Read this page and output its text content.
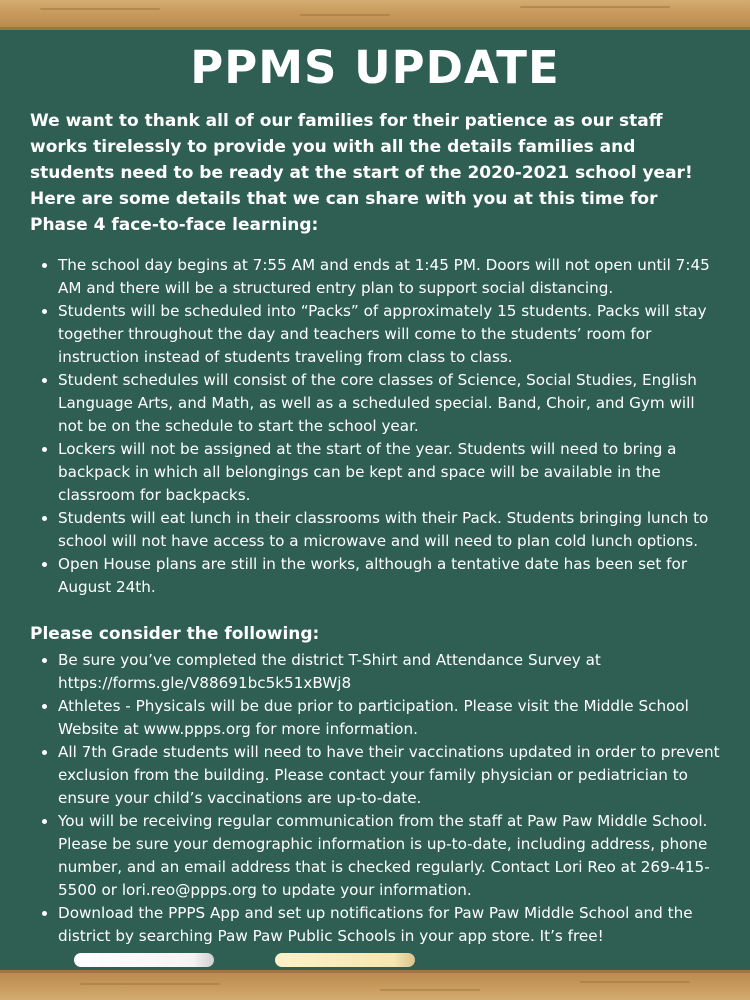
PPMS UPDATE

We want to thank all of our families for their patience as our staff works tirelessly to provide you with all the details families and students need to be ready at the start of the 2020-2021 school year! Here are some details that we can share with you at this time for Phase 4 face-to-face learning:

• The school day begins at 7:55 AM and ends at 1:45 PM. Doors will not open until 7:45 AM and there will be a structured entry plan to support social distancing.
• Students will be scheduled into “Packs” of approximately 15 students. Packs will stay together throughout the day and teachers will come to the students’ room for instruction instead of students traveling from class to class.
• Student schedules will consist of the core classes of Science, Social Studies, English Language Arts, and Math, as well as a scheduled special. Band, Choir, and Gym will not be on the schedule to start the school year.
• Lockers will not be assigned at the start of the year. Students will need to bring a backpack in which all belongings can be kept and space will be available in the classroom for backpacks.
• Students will eat lunch in their classrooms with their Pack. Students bringing lunch to school will not have access to a microwave and will need to plan cold lunch options.
• Open House plans are still in the works, although a tentative date has been set for August 24th.

Please consider the following:

• Be sure you’ve completed the district T-Shirt and Attendance Survey at https://forms.gle/V88691bc5k51xBWj8
• Athletes - Physicals will be due prior to participation. Please visit the Middle School Website at www.ppps.org for more information.
• All 7th Grade students will need to have their vaccinations updated in order to prevent exclusion from the building. Please contact your family physician or pediatrician to ensure your child’s vaccinations are up-to-date.
• You will be receiving regular communication from the staff at Paw Paw Middle School. Please be sure your demographic information is up-to-date, including address, phone number, and an email address that is checked regularly. Contact Lori Reo at 269-415-5500 or lori.reo@ppps.org to update your information.
• Download the PPPS App and set up notifications for Paw Paw Middle School and the district by searching Paw Paw Public Schools in your app store. It’s free!
